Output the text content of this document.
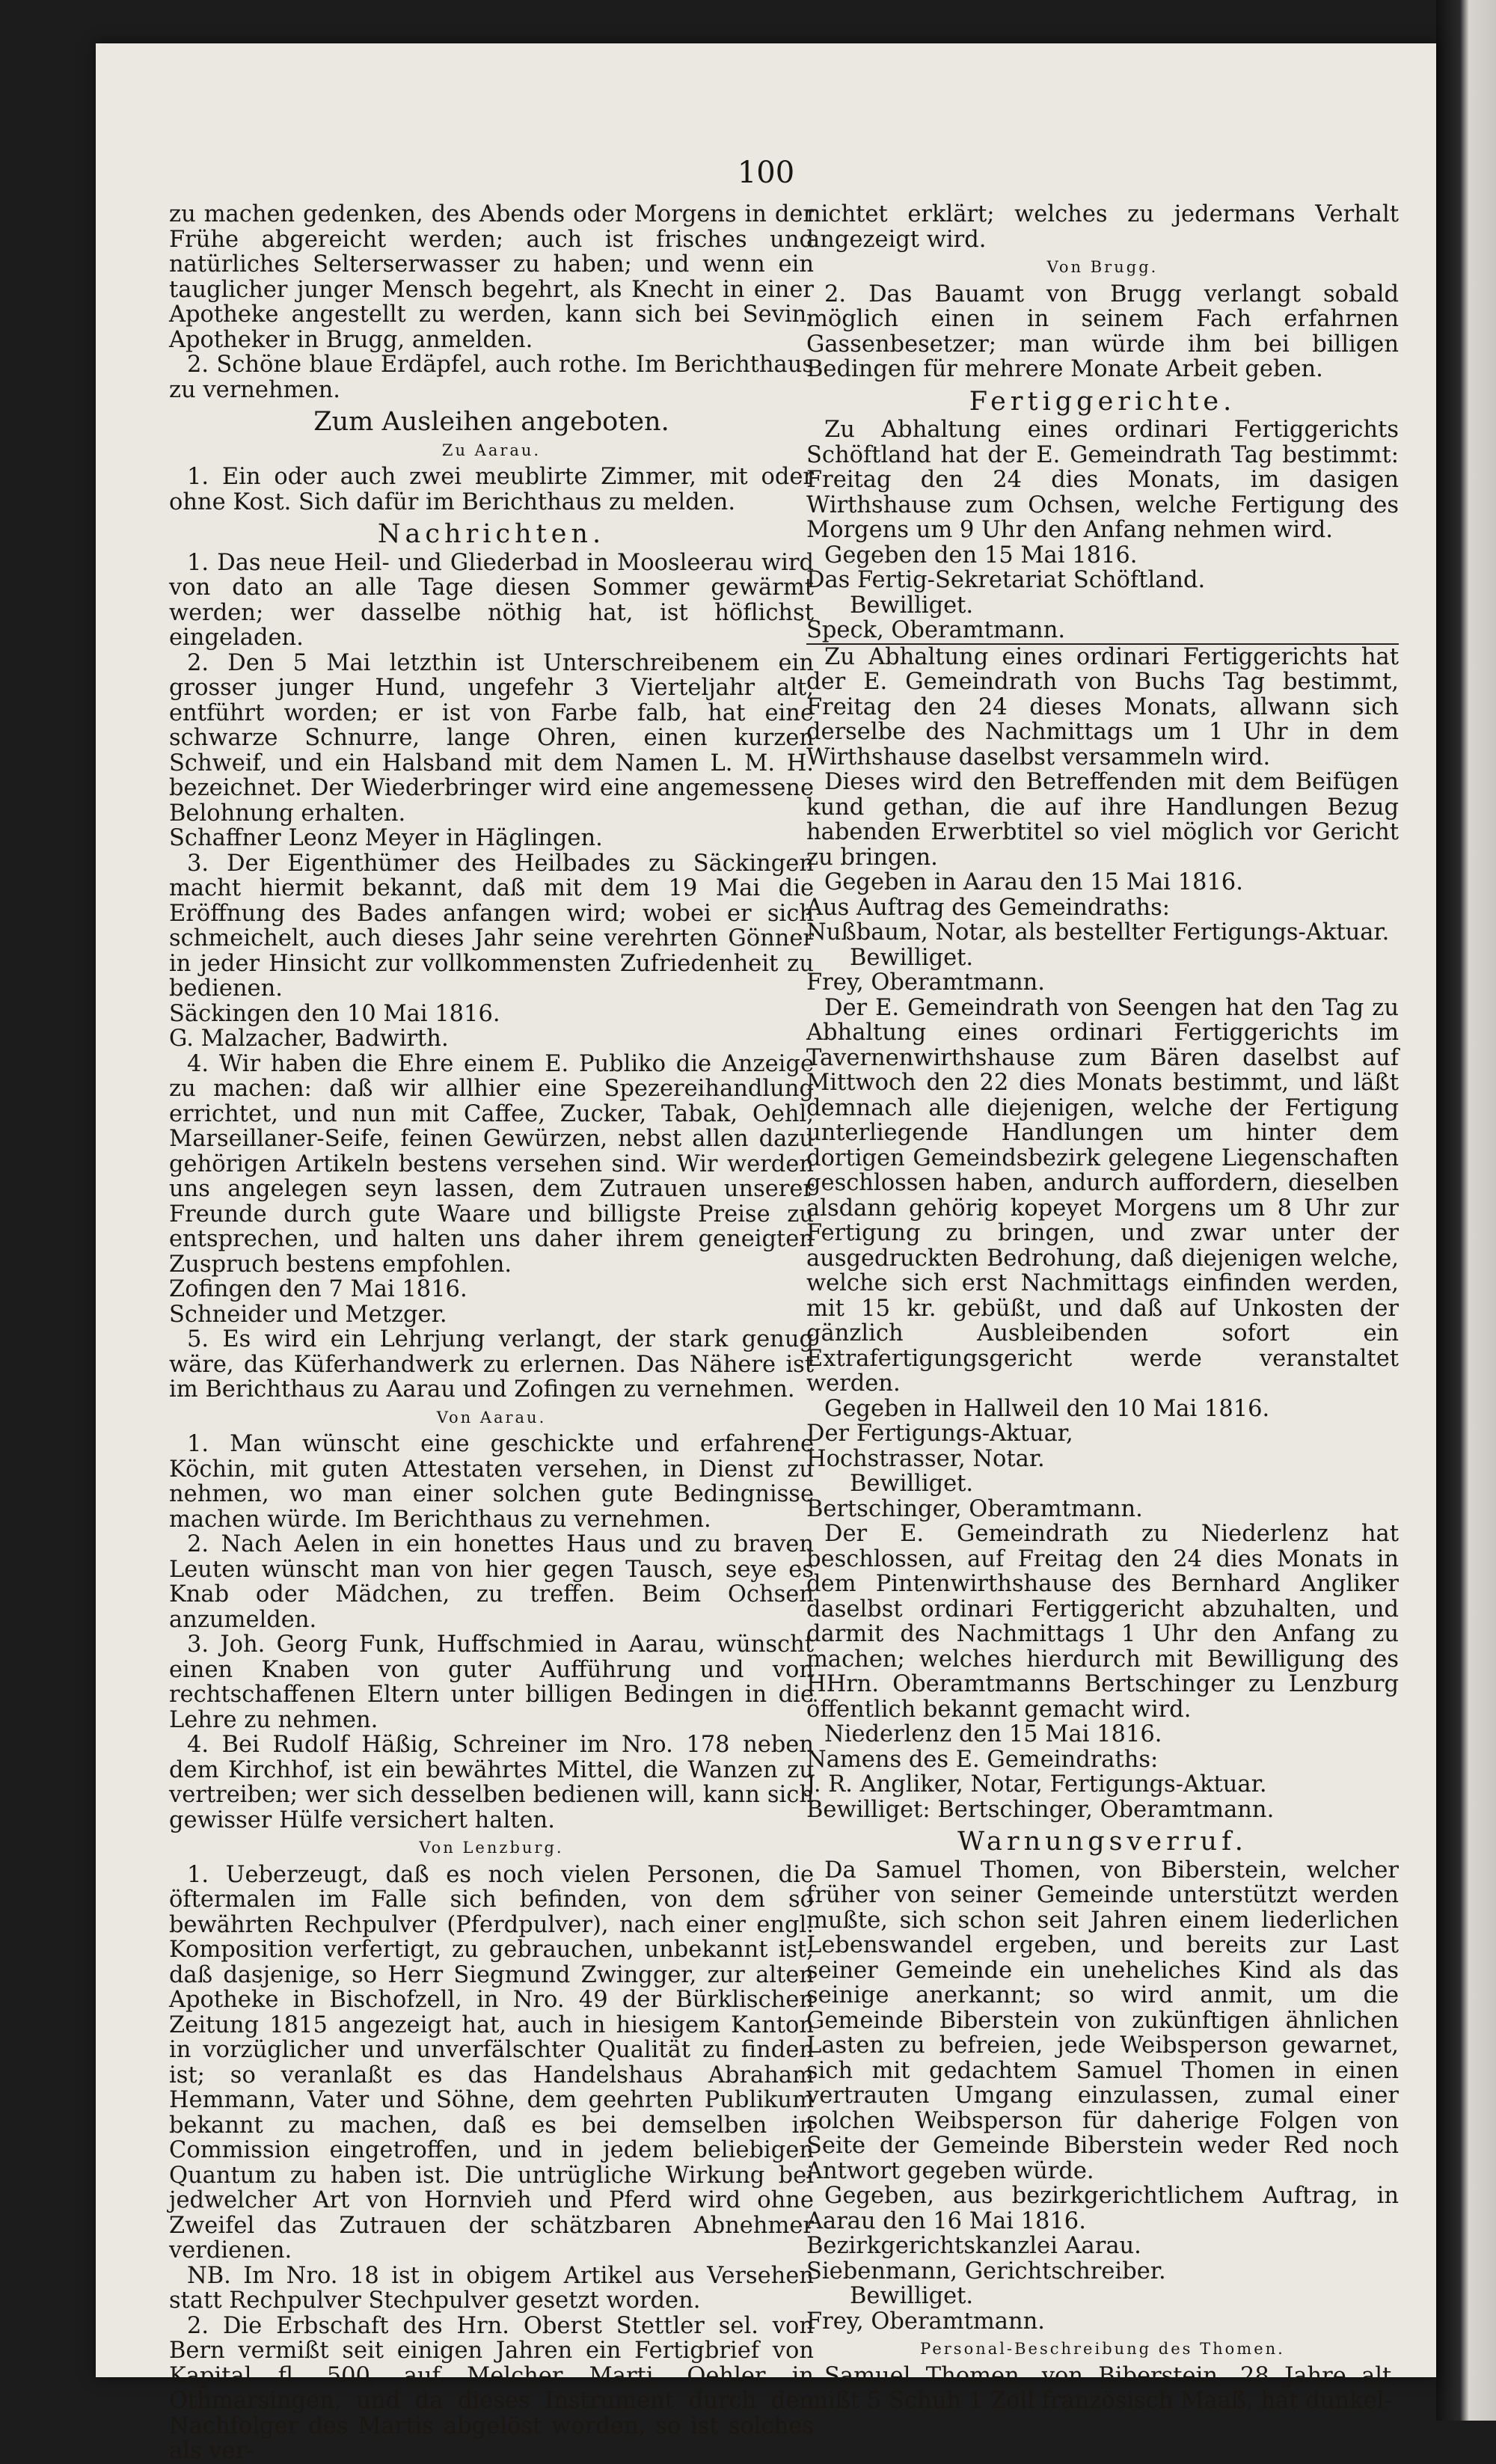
100

zu machen gedenken, des Abends oder Morgens in der Frühe abgereicht werden; auch ist frisches und natürliches Selterserwasser zu haben; und wenn ein tauglicher junger Mensch begehrt, als Knecht in einer Apotheke angestellt zu werden, kann sich bei Sevin, Apotheker in Brugg, anmelden.

2. Schöne blaue Erdäpfel, auch rothe. Im Berichthaus zu vernehmen.

Zum Ausleihen angeboten.
Zu Aarau.

1. Ein oder auch zwei meublirte Zimmer, mit oder ohne Kost. Sich dafür im Berichthaus zu melden.

Nachrichten.

1. Das neue Heil- und Gliederbad in Moosleerau wird von dato an alle Tage diesen Sommer gewärmt werden; wer dasselbe nöthig hat, ist höflichst eingeladen.

2. Den 5 Mai letzthin ist Unterschreibenem ein grosser junger Hund, ungefehr 3 Vierteljahr alt, entführt worden; er ist von Farbe falb, hat eine schwarze Schnurre, lange Ohren, einen kurzen Schweif, und ein Halsband mit dem Namen L. M. H. bezeichnet. Der Wiederbringer wird eine angemessene Belohnung erhalten.

Schaffner Leonz Meyer in Häglingen.

3. Der Eigenthümer des Heilbades zu Säckingen macht hiermit bekannt, daß mit dem 19 Mai die Eröffnung des Bades anfangen wird; wobei er sich schmeichelt, auch dieses Jahr seine verehrten Gönner in jeder Hinsicht zur vollkommensten Zufriedenheit zu bedienen.

Säckingen den 10 Mai 1816.

G. Malzacher, Badwirth.

4. Wir haben die Ehre einem E. Publiko die Anzeige zu machen: daß wir allhier eine Spezereihandlung errichtet, und nun mit Caffee, Zucker, Tabak, Oehl, Marseillaner-Seife, feinen Gewürzen, nebst allen dazu gehörigen Artikeln bestens versehen sind. Wir werden uns angelegen seyn lassen, dem Zutrauen unserer Freunde durch gute Waare und billigste Preise zu entsprechen, und halten uns daher ihrem geneigten Zuspruch bestens empfohlen.

Zofingen den 7 Mai 1816.

Schneider und Metzger.

5. Es wird ein Lehrjung verlangt, der stark genug wäre, das Küferhandwerk zu erlernen. Das Nähere ist im Berichthaus zu Aarau und Zofingen zu vernehmen.

Von Aarau.

1. Man wünscht eine geschickte und erfahrene Köchin, mit guten Attestaten versehen, in Dienst zu nehmen, wo man einer solchen gute Bedingnisse machen würde. Im Berichthaus zu vernehmen.

2. Nach Aelen in ein honettes Haus und zu braven Leuten wünscht man von hier gegen Tausch, seye es Knab oder Mädchen, zu treffen. Beim Ochsen anzumelden.

3. Joh. Georg Funk, Huffschmied in Aarau, wünscht einen Knaben von guter Aufführung und von rechtschaffenen Eltern unter billigen Bedingen in die Lehre zu nehmen.

4. Bei Rudolf Häßig, Schreiner im Nro. 178 neben dem Kirchhof, ist ein bewährtes Mittel, die Wanzen zu vertreiben; wer sich desselben bedienen will, kann sich gewisser Hülfe versichert halten.

Von Lenzburg.

1. Ueberzeugt, daß es noch vielen Personen, die öftermalen im Falle sich befinden, von dem so bewährten Rechpulver (Pferdpulver), nach einer engl. Komposition verfertigt, zu gebrauchen, unbekannt ist, daß dasjenige, so Herr Siegmund Zwingger, zur alten Apotheke in Bischofzell, in Nro. 49 der Bürklischen Zeitung 1815 angezeigt hat, auch in hiesigem Kanton in vorzüglicher und unverfälschter Qualität zu finden ist; so veranlaßt es das Handelshaus Abraham Hemmann, Vater und Söhne, dem geehrten Publikum bekannt zu machen, daß es bei demselben in Commission eingetroffen, und in jedem beliebigen Quantum zu haben ist. Die untrügliche Wirkung bei jedwelcher Art von Hornvieh und Pferd wird ohne Zweifel das Zutrauen der schätzbaren Abnehmer verdienen.

NB. Im Nro. 18 ist in obigem Artikel aus Versehen statt Rechpulver Stechpulver gesetzt worden.

2. Die Erbschaft des Hrn. Oberst Stettler sel. von Bern vermißt seit einigen Jahren ein Fertigbrief von Kapital fl. 500, auf Melcher Marti, Oehler in Othmarsingen, und da dieses Instrument durch den Nachfolger des Martis abgelöst worden, so ist solches als ver-

nichtet erklärt; welches zu jedermans Verhalt angezeigt wird.

Von Brugg.

2. Das Bauamt von Brugg verlangt sobald möglich einen in seinem Fach erfahrnen Gassenbesetzer; man würde ihm bei billigen Bedingen für mehrere Monate Arbeit geben.

Fertiggerichte.

Zu Abhaltung eines ordinari Fertiggerichts Schöftland hat der E. Gemeindrath Tag bestimmt: Freitag den 24 dies Monats, im dasigen Wirthshause zum Ochsen, welche Fertigung des Morgens um 9 Uhr den Anfang nehmen wird.

Gegeben den 15 Mai 1816.

Das Fertig-Sekretariat Schöftland.

Bewilliget.

Speck, Oberamtmann.

Zu Abhaltung eines ordinari Fertiggerichts hat der E. Gemeindrath von Buchs Tag bestimmt, Freitag den 24 dieses Monats, allwann sich derselbe des Nachmittags um 1 Uhr in dem Wirthshause daselbst versammeln wird.

Dieses wird den Betreffenden mit dem Beifügen kund gethan, die auf ihre Handlungen Bezug habenden Erwerbtitel so viel möglich vor Gericht zu bringen.

Gegeben in Aarau den 15 Mai 1816.

Aus Auftrag des Gemeindraths:

Nußbaum, Notar, als bestellter Fertigungs-Aktuar.

Bewilliget.

Frey, Oberamtmann.

Der E. Gemeindrath von Seengen hat den Tag zu Abhaltung eines ordinari Fertiggerichts im Tavernenwirthshause zum Bären daselbst auf Mittwoch den 22 dies Monats bestimmt, und läßt demnach alle diejenigen, welche der Fertigung unterliegende Handlungen um hinter dem dortigen Gemeindsbezirk gelegene Liegenschaften geschlossen haben, andurch auffordern, dieselben alsdann gehörig kopeyet Morgens um 8 Uhr zur Fertigung zu bringen, und zwar unter der ausgedruckten Bedrohung, daß diejenigen welche, welche sich erst Nachmittags einfinden werden, mit 15 kr. gebüßt, und daß auf Unkosten der gänzlich Ausbleibenden sofort ein Extrafertigungsgericht werde veranstaltet werden.

Gegeben in Hallweil den 10 Mai 1816.

Der Fertigungs-Aktuar,

Hochstrasser, Notar.

Bewilliget.

Bertschinger, Oberamtmann.

Der E. Gemeindrath zu Niederlenz hat beschlossen, auf Freitag den 24 dies Monats in dem Pintenwirthshause des Bernhard Angliker daselbst ordinari Fertiggericht abzuhalten, und darmit des Nachmittags 1 Uhr den Anfang zu machen; welches hierdurch mit Bewilligung des HHrn. Oberamtmanns Bertschinger zu Lenzburg öffentlich bekannt gemacht wird.

Niederlenz den 15 Mai 1816.

Namens des E. Gemeindraths:

J. R. Angliker, Notar, Fertigungs-Aktuar.

Bewilliget: Bertschinger, Oberamtmann.

Warnungsverruf.

Da Samuel Thomen, von Biberstein, welcher früher von seiner Gemeinde unterstützt werden mußte, sich schon seit Jahren einem liederlichen Lebenswandel ergeben, und bereits zur Last seiner Gemeinde ein uneheliches Kind als das seinige anerkannt; so wird anmit, um die Gemeinde Biberstein von zukünftigen ähnlichen Lasten zu befreien, jede Weibsperson gewarnet, sich mit gedachtem Samuel Thomen in einen vertrauten Umgang einzulassen, zumal einer solchen Weibsperson für daherige Folgen von Seite der Gemeinde Biberstein weder Red noch Antwort gegeben würde.

Gegeben, aus bezirkgerichtlichem Auftrag, in Aarau den 16 Mai 1816.

Bezirkgerichtskanzlei Aarau.

Siebenmann, Gerichtschreiber.

Bewilliget.

Frey, Oberamtmann.

Personal-Beschreibung des Thomen.

Samuel Thomen, von Biberstein, 28 Jahre alt, mißt 5 Schuh 1 Zoll französisch Maaß, hat dunkel-
